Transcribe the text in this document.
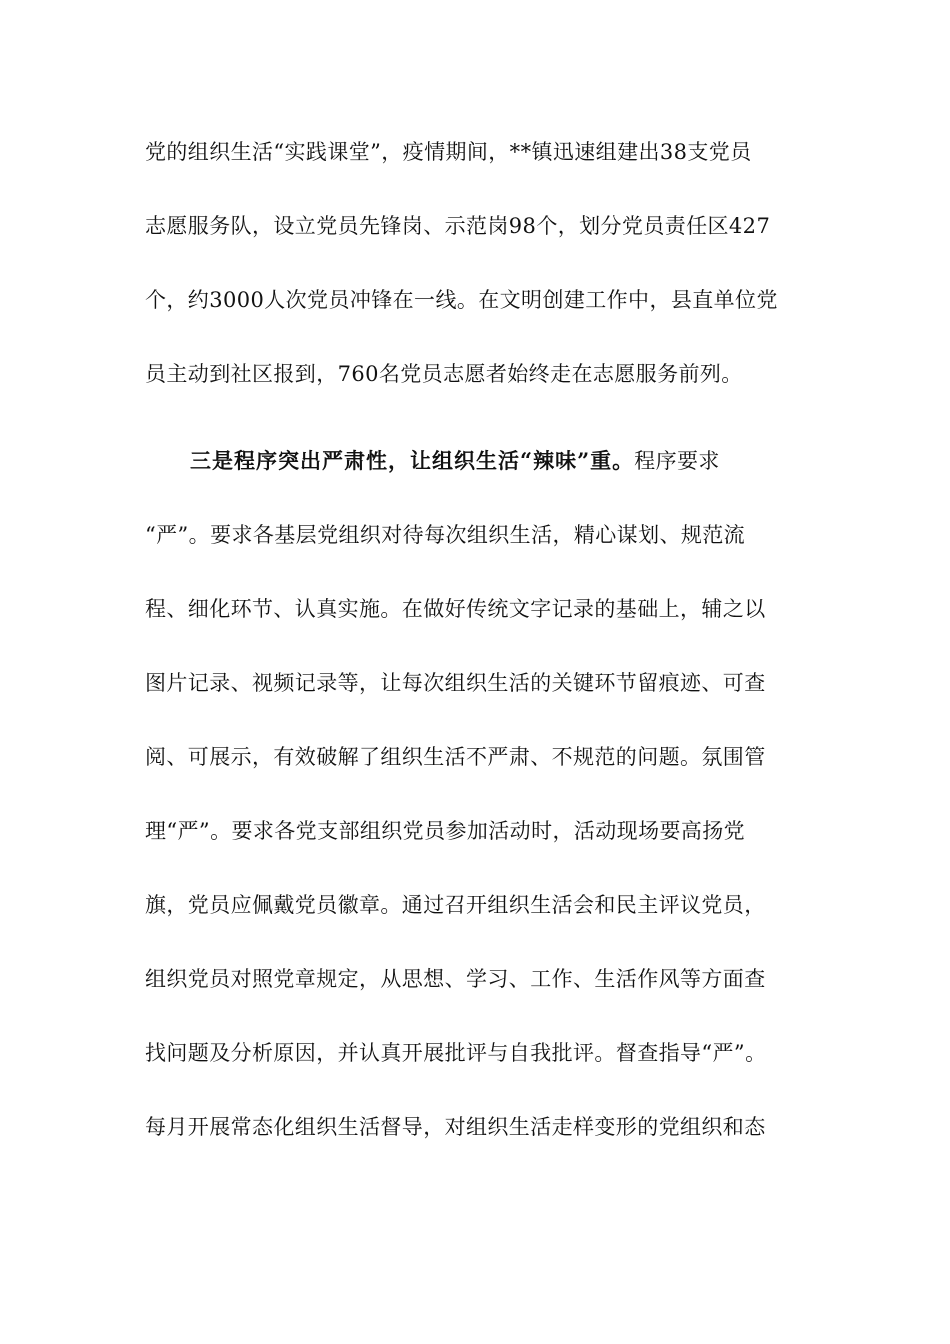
党的组织生活“实践课堂”，疫情期间，**镇迅速组建出38支党员
志愿服务队，设立党员先锋岗、示范岗98个，划分党员责任区427
个，约3000人次党员冲锋在一线。在文明创建工作中，县直单位党
员主动到社区报到，760名党员志愿者始终走在志愿服务前列。
三是程序突出严肃性，让组织生活“辣味”重。程序要求
“严”。要求各基层党组织对待每次组织生活，精心谋划、规范流
程、细化环节、认真实施。在做好传统文字记录的基础上，辅之以
图片记录、视频记录等，让每次组织生活的关键环节留痕迹、可查
阅、可展示，有效破解了组织生活不严肃、不规范的问题。氛围管
理“严”。要求各党支部组织党员参加活动时，活动现场要高扬党
旗，党员应佩戴党员徽章。通过召开组织生活会和民主评议党员，
组织党员对照党章规定，从思想、学习、工作、生活作风等方面查
找问题及分析原因，并认真开展批评与自我批评。督查指导“严”。
每月开展常态化组织生活督导，对组织生活走样变形的党组织和态
